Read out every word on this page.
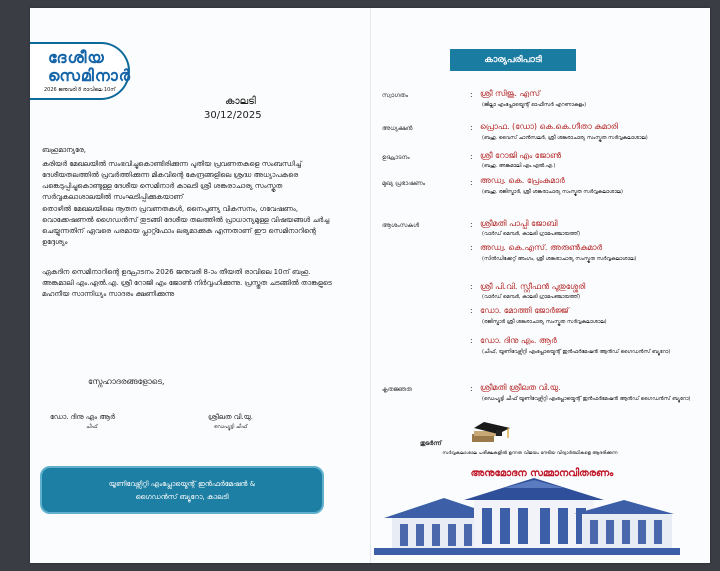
ദേശീയ
സെമിനാർ
2026 ജനുവരി 8 രാവിലെ 10ന്
കാലടി
30/12/2025
ബഹുമാന്യരേ,
കരിയർ മേഖലയിൽ സംഭവിച്ചുകൊണ്ടിരിക്കുന്ന പുതിയ പ്രവണതകളെ സംബന്ധിച്ച് ദേശീയതലത്തിൽ പ്രവർത്തിക്കുന്ന മികവിന്റെ കേന്ദ്രങ്ങളിലെ ശ്രദ്ധ അധ്യാപകരെ പങ്കെടുപ്പിച്ചുകൊണ്ടുള്ള ദേശീയ സെമിനാർ കാലടി ശ്രീ ശങ്കരാചാര്യ സംസ്കൃത സർവ്വകലാശാലയിൽ സംഘടിപ്പിക്കുകയാണ്
തൊഴിൽ മേഖലയിലെ നൂതന പ്രവണതകൾ, നൈപുണ്യ വികസനം, ഗവേഷണം, വൊക്കേഷണൽ ഗൈഡൻസ് തുടങ്ങി ദേശീയ തലത്തിൽ പ്രാധാന്യമുള്ള വിഷയങ്ങൾ ചർച്ച ചെയ്യുന്നതിന് ഏവരെ പരമായ പ്ലാറ്റ്ഫോം ലഭ്യമാക്കുക എന്നതാണ് ഈ സെമിനാറിന്റെ ഉദ്ദേശ്യം
ഏകദിന സെമിനാറിന്റെ ഉദ്ഘാടനം 2026 ജനുവരി 8-ാം തീയതി രാവിലെ 10ന് ബഹു. അങ്കമാലി എം.എൽ.എ. ശ്രീ റോജി എം ജോൺ നിർവ്വഹിക്കുന്നു. പ്രസ്തുത ചടങ്ങിൽ താങ്കളുടെ മഹനീയ സാന്നിധ്യം സാദരം ക്ഷണിക്കുന്നു
സ്നേഹാദരങ്ങളോടെ,
ഡോ. ദിനു എം ആർ
ചീഫ്
ശ്രീലത വി.യു.
ഡെപ്യൂട്ടി ചീഫ്
യൂണിവേഴ്സിറ്റി എംപ്ലോയ്മെന്റ് ഇൻഫർമേഷൻ &
ഗൈഡൻസ് ബ്യൂറോ, കാലടി
കാര്യപരിപാടി
സ്വാഗതം	: ശ്രീ സിജു. എസ്
(ജില്ലാ എംപ്ലോയ്മെന്റ് ഓഫീസർ എറണാകുളം)
അധ്യക്ഷൻ	: പ്രൊഫ. (ഡോ) കെ.കെ.ഗീതാ കുമാരി
(ബഹു. വൈസ് ചാൻസലർ, ശ്രീ ശങ്കരാചാര്യ സംസ്കൃത സർവ്വകലാശാല)
ഉദ്ഘാടനം	: ശ്രീ റോജി എം ജോൺ
(ബഹു. അങ്കമാലി എം.എൽ.എ.)
മുഖ്യ പ്രഭാഷണം	: അഡ്വ. കെ. പ്രേംകുമാർ
(ബഹു. രജിസ്ട്രാർ, ശ്രീ ശങ്കരാചാര്യ സംസ്കൃത സർവ്വകലാശാല)
ആശംസകൾ	: ശ്രീമതി പാപ്പി ജോബി
(വാർഡ് മെമ്പർ, കാലടി ഗ്രാമപഞ്ചായത്ത്)
: അഡ്വ. കെ.എസ്. അരുൺകുമാർ
(സിൻഡിക്കേറ്റ് അംഗം, ശ്രീ ശങ്കരാചാര്യ സംസ്കൃത സർവ്വകലാശാല)
: ശ്രീ പി.വി. സ്റ്റീഫൻ പുതുശ്ശേരി
(വാർഡ് മെമ്പർ, കാലടി ഗ്രാമപഞ്ചായത്ത്)
: ഡോ. മോത്തി ജോർജ്ജ്
(രജിസ്ട്രാർ ശ്രീ ശങ്കരാചാര്യ സംസ്കൃത സർവ്വകലാശാല)
: ഡോ. ദിനു എം. ആർ
(ചീഫ്, യൂണിവേഴ്സിറ്റി എംപ്ലോയ്മെന്റ് ഇൻഫർമേഷൻ ആൻഡ് ഗൈഡൻസ് ബ്യൂറോ)
കൃതജ്ഞത	: ശ്രീമതി ശ്രീലത വി.യു.
(ഡെപ്യൂട്ടി ചീഫ് യൂണിവേഴ്സിറ്റി എംപ്ലോയ്മെന്റ് ഇൻഫർമേഷൻ ആൻഡ് ഗൈഡൻസ് ബ്യൂറോ)
തുടർന്ന്
സർവ്വകലാശാല പരീക്ഷകളിൽ ഉന്നത വിജയം നേടിയ വിദ്യാർത്ഥികളെ ആദരിക്കുന്ന
അനുമോദന സമ്മാനവിതരണം
